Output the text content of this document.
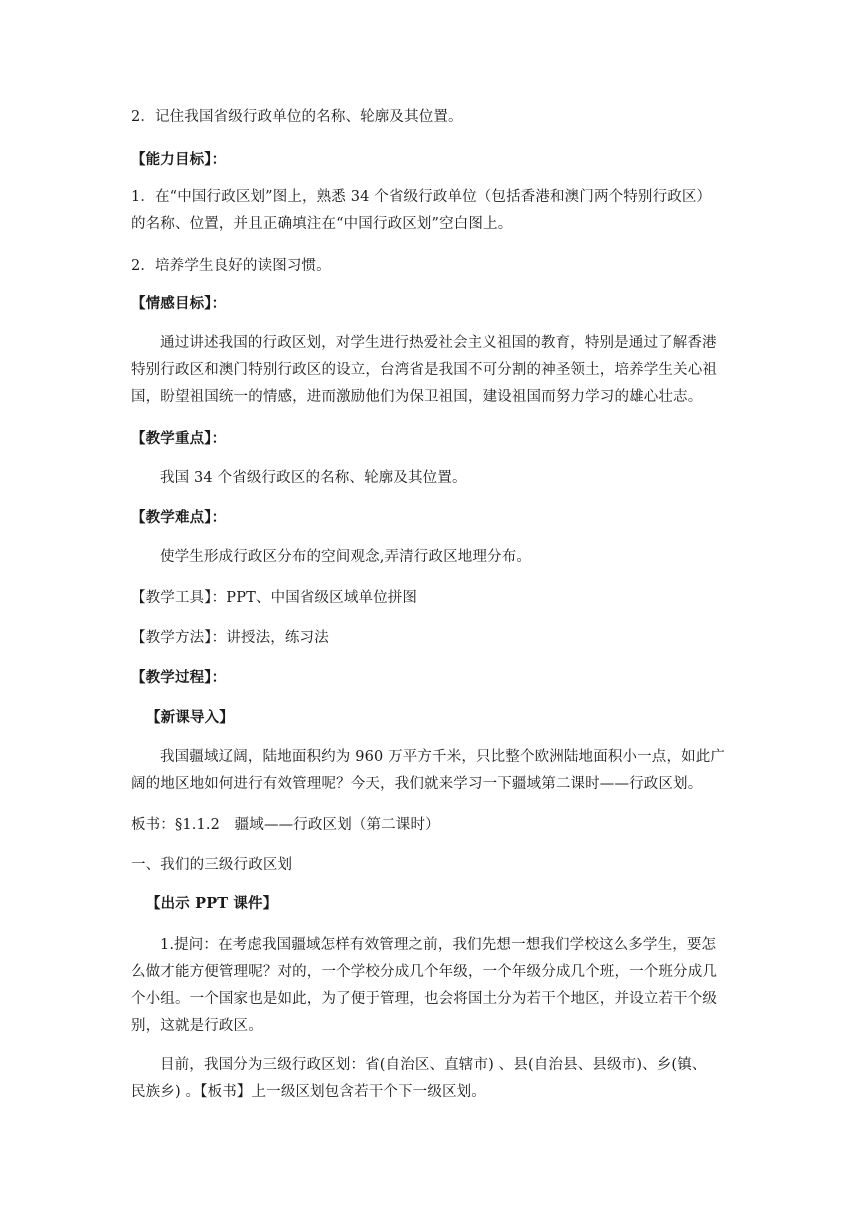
2．记住我国省级行政单位的名称、轮廓及其位置。
【能力目标】：
1．在“中国行政区划”图上，熟悉 34 个省级行政单位（包括香港和澳门两个特别行政区）
的名称、位置，并且正确填注在“中国行政区划”空白图上。
2．培养学生良好的读图习惯。
【情感目标】：
通过讲述我国的行政区划，对学生进行热爱社会主义祖国的教育，特别是通过了解香港
特别行政区和澳门特别行政区的设立，台湾省是我国不可分割的神圣领土，培养学生关心祖
国，盼望祖国统一的情感，进而激励他们为保卫祖国，建设祖国而努力学习的雄心壮志。
【教学重点】：
我国 34 个省级行政区的名称、轮廓及其位置。
【教学难点】：
使学生形成行政区分布的空间观念,弄清行政区地理分布。
【教学工具】：PPT、中国省级区域单位拼图
【教学方法】：讲授法，练习法
【教学过程】：
【新课导入】
我国疆域辽阔，陆地面积约为 960 万平方千米，只比整个欧洲陆地面积小一点，如此广
阔的地区地如何进行有效管理呢？今天，我们就来学习一下疆域第二课时——行政区划。
板书：§1.1.2　疆域——行政区划（第二课时）
一、我们的三级行政区划
【出示 PPT 课件】
1.提问：在考虑我国疆域怎样有效管理之前，我们先想一想我们学校这么多学生，要怎
么做才能方便管理呢？对的，一个学校分成几个年级，一个年级分成几个班，一个班分成几
个小组。一个国家也是如此，为了便于管理，也会将国土分为若干个地区，并设立若干个级
别，这就是行政区。
目前，我国分为三级行政区划：省(自治区、直辖市) 、县(自治县、县级市)、乡(镇、
民族乡) 。【板书】上一级区划包含若干个下一级区划。
